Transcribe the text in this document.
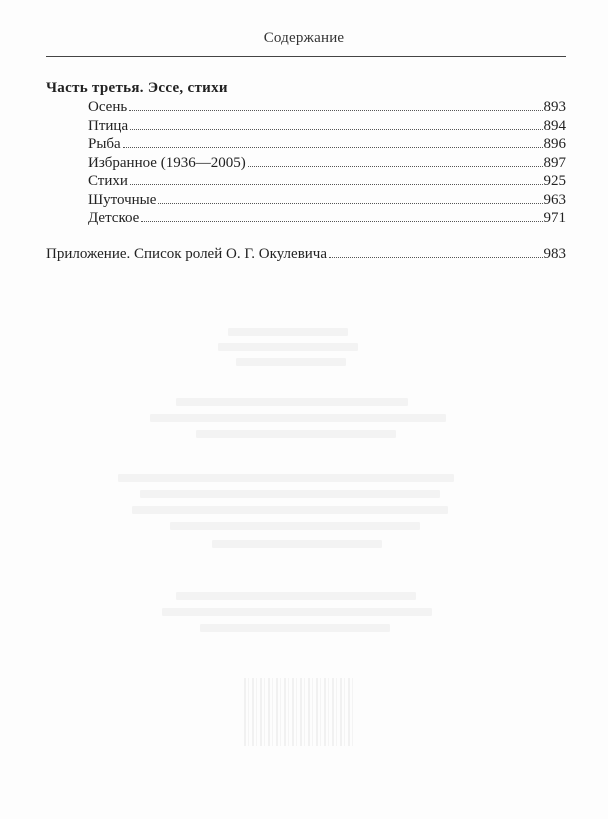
Содержание
Часть третья. Эссе, стихи
Осень	893
Птица	894
Рыба	896
Избранное (1936—2005)	897
Стихи	925
Шуточные	963
Детское	971
Приложение. Список ролей О. Г. Окулевича	983
